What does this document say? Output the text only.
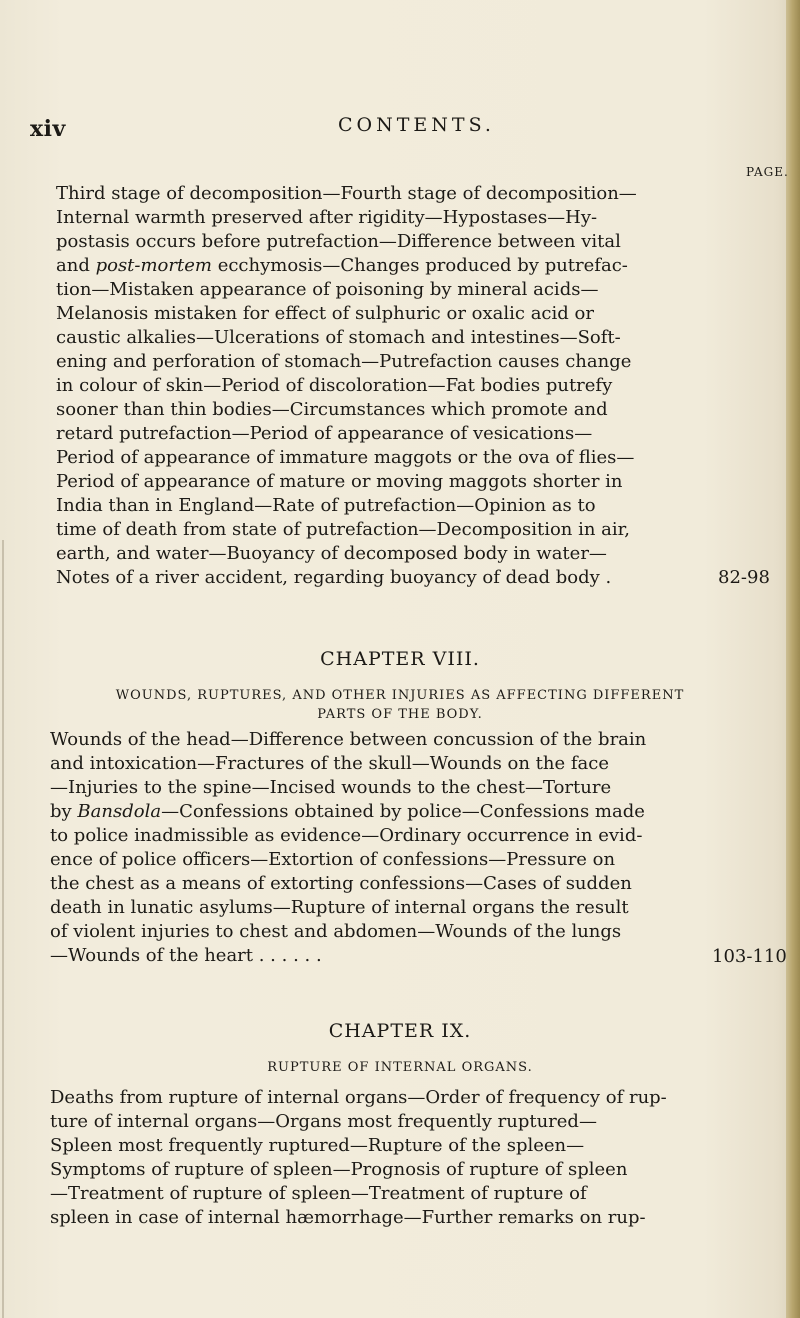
xiv	CONTENTS.
PAGE.
Third stage of decomposition—Fourth stage of decomposition—
Internal warmth preserved after rigidity—Hypostases—Hy-
postasis occurs before putrefaction—Difference between vital
and post-mortem ecchymosis—Changes produced by putrefac-
tion—Mistaken appearance of poisoning by mineral acids—
Melanosis mistaken for effect of sulphuric or oxalic acid or
caustic alkalies—Ulcerations of stomach and intestines—Soft-
ening and perforation of stomach—Putrefaction causes change
in colour of skin—Period of discoloration—Fat bodies putrefy
sooner than thin bodies—Circumstances which promote and
retard putrefaction—Period of appearance of vesications—
Period of appearance of immature maggots or the ova of flies—
Period of appearance of mature or moving maggots shorter in
India than in England—Rate of putrefaction—Opinion as to
time of death from state of putrefaction—Decomposition in air,
earth, and water—Buoyancy of decomposed body in water—
Notes of a river accident, regarding buoyancy of dead body .	82-98
CHAPTER VIII.
WOUNDS, RUPTURES, AND OTHER INJURIES AS AFFECTING DIFFERENT
PARTS OF THE BODY.
Wounds of the head—Difference between concussion of the brain
and intoxication—Fractures of the skull—Wounds on the face
—Injuries to the spine—Incised wounds to the chest—Torture
by Bansdola—Confessions obtained by police—Confessions made
to police inadmissible as evidence—Ordinary occurrence in evid-
ence of police officers—Extortion of confessions—Pressure on
the chest as a means of extorting confessions—Cases of sudden
death in lunatic asylums—Rupture of internal organs the result
of violent injuries to chest and abdomen—Wounds of the lungs
—Wounds of the heart . . . . . .	103-110
CHAPTER IX.
RUPTURE OF INTERNAL ORGANS.
Deaths from rupture of internal organs—Order of frequency of rup-
ture of internal organs—Organs most frequently ruptured—
Spleen most frequently ruptured—Rupture of the spleen—
Symptoms of rupture of spleen—Prognosis of rupture of spleen
—Treatment of rupture of spleen—Treatment of rupture of
spleen in case of internal hæmorrhage—Further remarks on rup-
